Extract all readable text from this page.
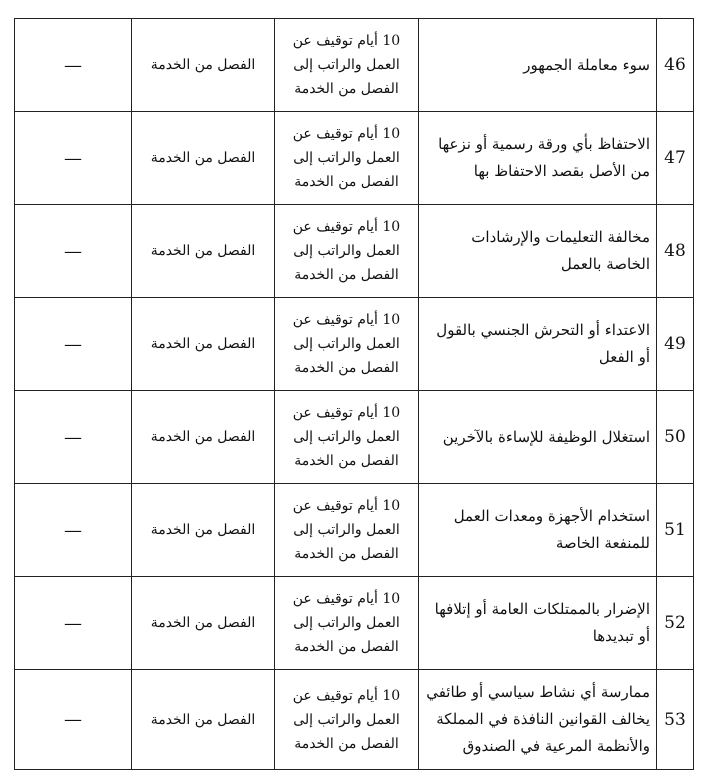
46	سوء معاملة الجمهور	10 أيام توقيف عن
العمل والراتب إلى
الفصل من الخدمة	الفصل من الخدمة	—
47	الاحتفاظ بأي ورقة رسمية أو نزعها من الأصل بقصد الاحتفاظ بها	10 أيام توقيف عن
العمل والراتب إلى
الفصل من الخدمة	الفصل من الخدمة	—
48	مخالفة التعليمات والإرشادات الخاصة بالعمل	10 أيام توقيف عن
العمل والراتب إلى
الفصل من الخدمة	الفصل من الخدمة	—
49	الاعتداء أو التحرش الجنسي بالقول أو الفعل	10 أيام توقيف عن
العمل والراتب إلى
الفصل من الخدمة	الفصل من الخدمة	—
50	استغلال الوظيفة للإساءة بالآخرين	10 أيام توقيف عن
العمل والراتب إلى
الفصل من الخدمة	الفصل من الخدمة	—
51	استخدام الأجهزة ومعدات العمل للمنفعة الخاصة	10 أيام توقيف عن
العمل والراتب إلى
الفصل من الخدمة	الفصل من الخدمة	—
52	الإضرار بالممتلكات العامة أو إتلافها أو تبديدها	10 أيام توقيف عن
العمل والراتب إلى
الفصل من الخدمة	الفصل من الخدمة	—
53	ممارسة أي نشاط سياسي أو طائفي يخالف القوانين النافذة في المملكة والأنظمة المرعية في الصندوق	10 أيام توقيف عن
العمل والراتب إلى
الفصل من الخدمة	الفصل من الخدمة	—
